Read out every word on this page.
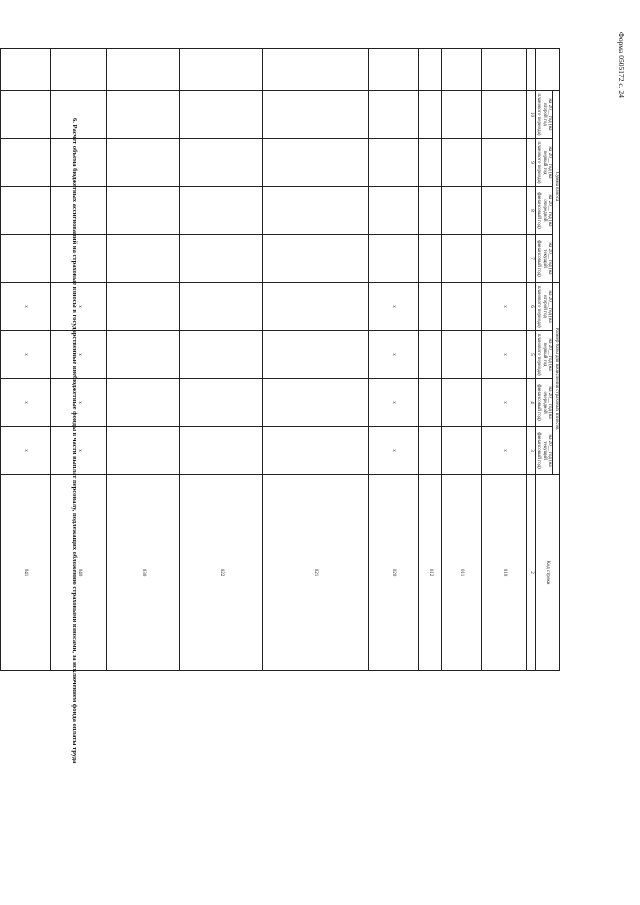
Форма 0505172 с. 24
	Сумма взноса				Размер базы для начисления страховых взносов				Код строки	
	на 20__ год (на второй год планового периода)	на 20__ год (на первый год планового периода)	на 20__ год (на очередной финансовый год)	на 20__ год (на текущий финансовый год)	на 20__ год (на второй год планового периода)	на 20__ год (на первый год планового периода)	на 20__ год (на очередной финансовый год)	на 20__ год (на текущий финансовый год)		
	10	9	8	7	6	5	4	3	2	
					x	x	x	x	010	
									011	
									012	
					x	x	x	x	020	
									021	
									022	
									030	
					x	x	x	x	040	
					x	x	x	x	041	

											6. Расчет объема бюджетных ассигнований на страховые взносы в государственные внебюджетные фонды в части выплат персоналу, подлежащих обложению страховыми взносами, за исключением фонда оплаты труда
